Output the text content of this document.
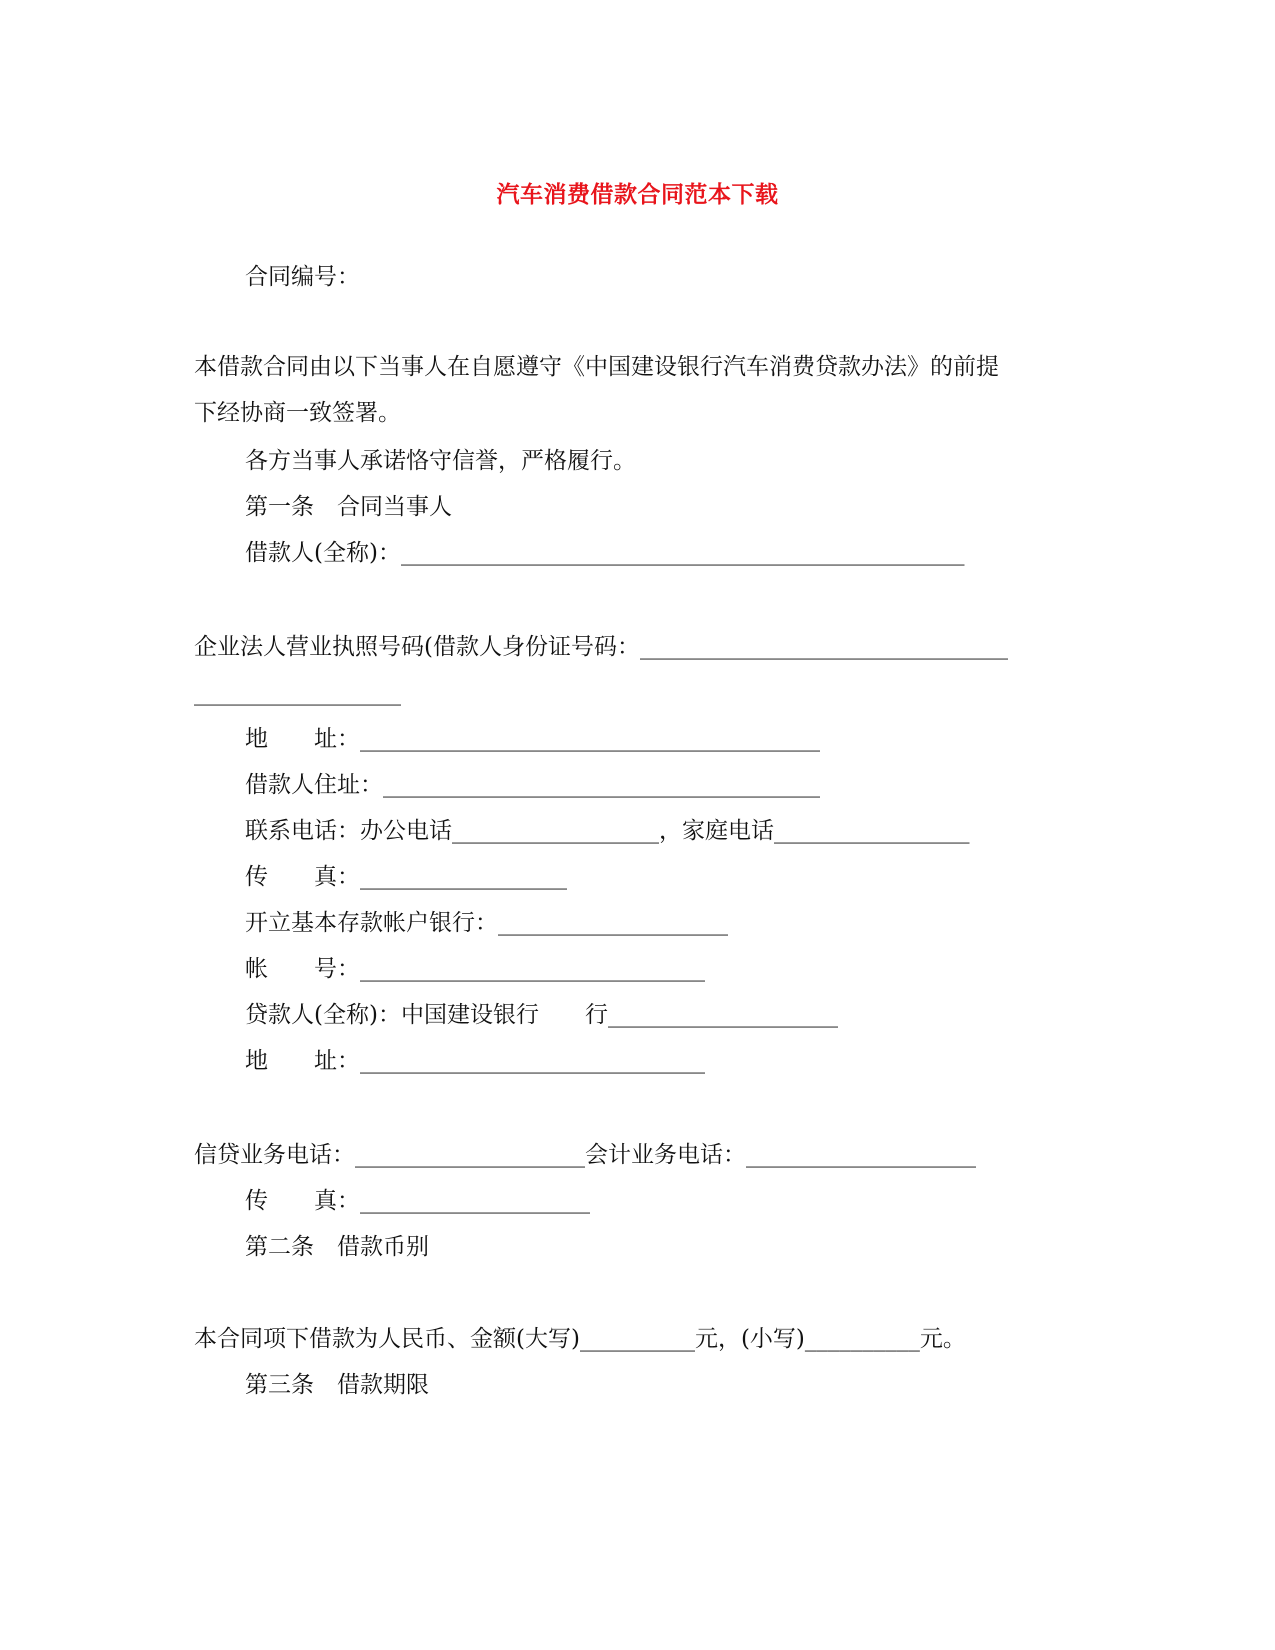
汽车消费借款合同范本下载
合同编号：
本借款合同由以下当事人在自愿遵守《中国建设银行汽车消费贷款办法》的前提
下经协商一致签署。
各方当事人承诺恪守信誉，严格履行。
第一条　合同当事人
借款人(全称)：_________________________________________________
企业法人营业执照号码(借款人身份证号码：________________________________
__________________
地　　址：________________________________________
借款人住址：______________________________________
联系电话：办公电话__________________，家庭电话_________________
传　　真：__________________
开立基本存款帐户银行：____________________
帐　　号：______________________________
贷款人(全称)：中国建设银行　　行____________________
地　　址：______________________________
信贷业务电话：____________________会计业务电话：____________________
传　　真：____________________
第二条　借款币别
本合同项下借款为人民币、金额(大写)__________元，(小写)__________元。
第三条　借款期限
